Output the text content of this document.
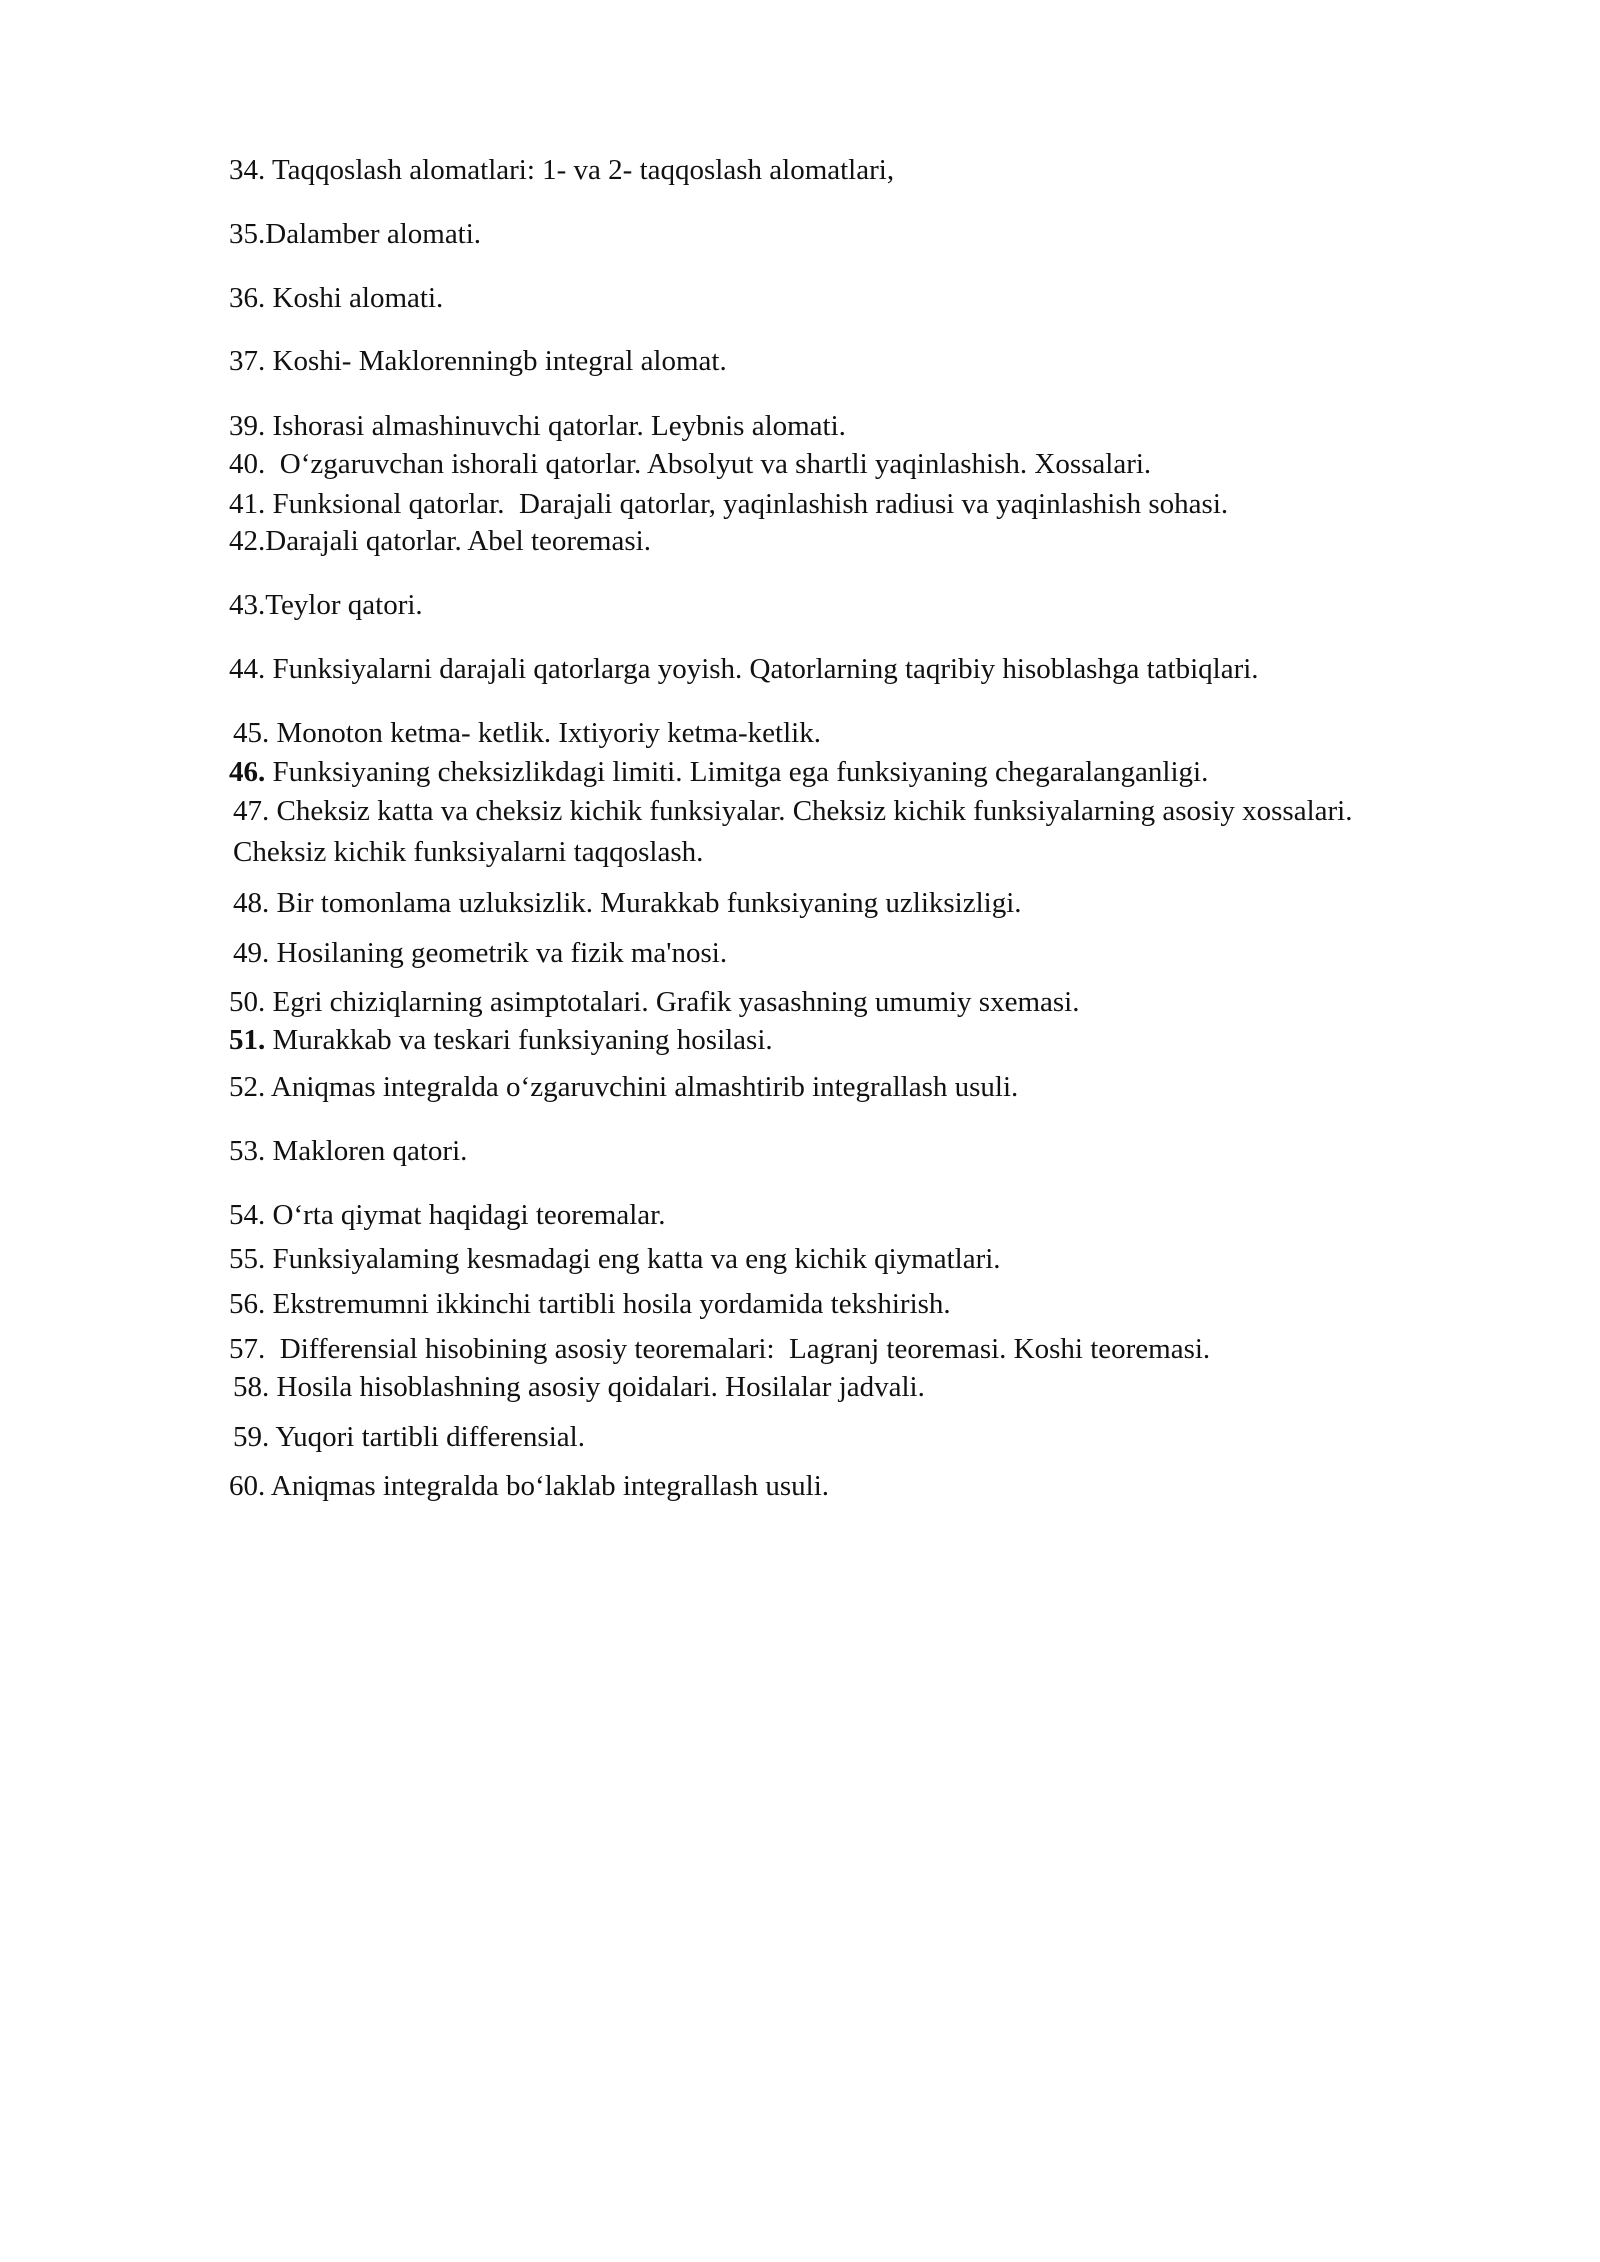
34. Taqqoslash alomatlari: 1- va 2- taqqoslash alomatlari,
35.Dalamber alomati.
36. Koshi alomati.
37. Koshi- Maklorenningb integral alomat.
39. Ishorasi almashinuvchi qatorlar. Leybnis alomati.
40.  O‘zgaruvchan ishorali qatorlar. Absolyut va shartli yaqinlashish. Xossalari.
41. Funksional qatorlar.  Darajali qatorlar, yaqinlashish radiusi va yaqinlashish sohasi.
42.Darajali qatorlar. Abel teoremasi.
43.Teylor qatori.
44. Funksiyalarni darajali qatorlarga yoyish. Qatorlarning taqribiy hisoblashga tatbiqlari.
45. Monoton ketma- ketlik. Ixtiyoriy ketma-ketlik.
46. Funksiyaning cheksizlikdagi limiti. Limitga ega funksiyaning chegaralanganligi.
47. Cheksiz katta va cheksiz kichik funksiyalar. Cheksiz kichik funksiyalarning asosiy xossalari.
Cheksiz kichik funksiyalarni taqqoslash.
48. Bir tomonlama uzluksizlik. Murakkab funksiyaning uzliksizligi.
49. Hosilaning geometrik va fizik ma'nosi.
50. Egri chiziqlarning asimptotalari. Grafik yasashning umumiy sxemasi.
51. Murakkab va teskari funksiyaning hosilasi.
52. Aniqmas integralda o‘zgaruvchini almashtirib integrallash usuli.
53. Makloren qatori.
54. O‘rta qiymat haqidagi teoremalar.
55. Funksiyalaming kesmadagi eng katta va eng kichik qiymatlari.
56. Ekstremumni ikkinchi tartibli hosila yordamida tekshirish.
57.  Differensial hisobining asosiy teoremalari:  Lagranj teoremasi. Koshi teoremasi.
58. Hosila hisoblashning asosiy qoidalari. Hosilalar jadvali.
59. Yuqori tartibli differensial.
60. Aniqmas integralda bo‘laklab integrallash usuli.
